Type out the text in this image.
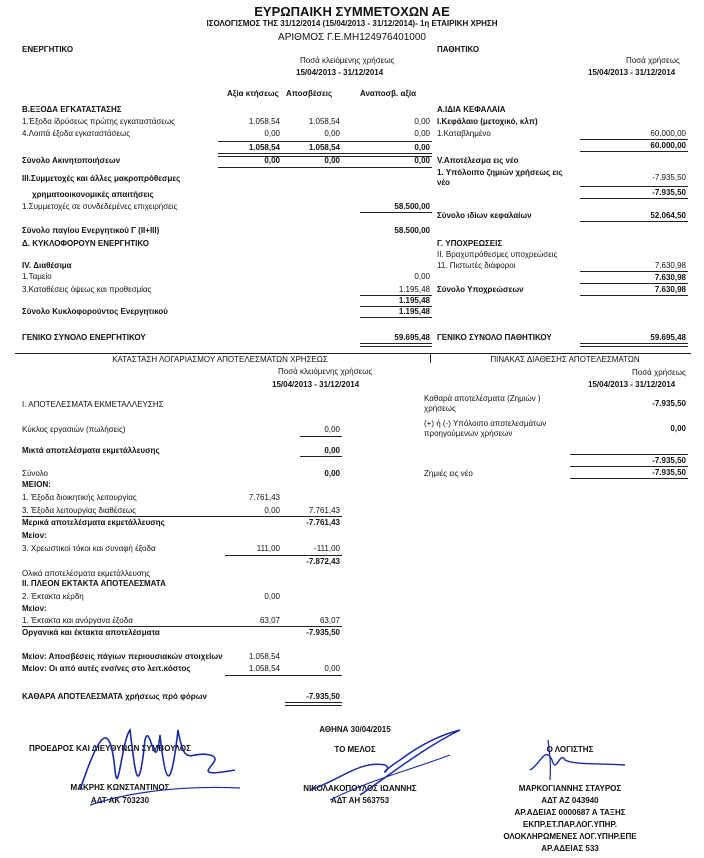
ΕΥΡΩΠΑΙΚΗ ΣΥΜΜΕΤΟΧΩΝ ΑΕ
ΙΣΟΛΟΓΙΣΜΟΣ ΤΗΣ 31/12/2014 (15/04/2013 - 31/12/2014)- 1η ΕΤΑΙΡΙΚΗ ΧΡΗΣΗ
ΑΡΙΘΜΟΣ Γ.Ε.ΜΗ124976401000
ΕΝΕΡΓΗΤΙΚΟ
Ποσά κλειόμενης χρήσεως
15/04/2013 - 31/12/2014
Αξία κτήσεως Αποσβέσεις	Αναποσβ. αξία
Β.ΕΞΟΔΑ ΕΓΚΑΤΑΣΤΑΣΗΣ
1.Έξοδα ίδρύσεως πρώτης εγκαταστάσεως	1.058,54	1.058,54	0,00
4.Λοιπά έξοδα εγκαταστάσεως	0,00	0,00	0,00
1.058,54	1.058,54	0,00
Σύνολο Ακινητοποιήσεων	0,00	0,00	0,00
ΙΙΙ.Συμμετοχές και άλλες μακροπρόθεσμες
χρηματοοικονομικές απαιτήσεις
1.Συμμετοχές σε συνδεδεμένες επιχειρήσεις	58.500,00
Σύνολο παγίου Ενεργητικού Γ (ΙΙ+ΙΙΙ)	58.500,00
Δ. ΚΥΚΛΟΦΟΡΟΥΝ ΕΝΕΡΓΗΤΙΚΟ
IV. Διαθέσιμα
1.Ταμείο	0,00
3.Καταθέσεις όψεως και προθεσμίας	1.195,48
1.195,48
Σύνολο Κυκλοφορούντος Ενεργητικού	1.195,48
ΓΕΝΙΚΟ ΣΥΝΟΛΟ ΕΝΕΡΓΗΤΙΚΟΥ	59.695,48
ΠΑΘΗΤΙΚΟ
Ποσά χρήσεως
15/04/2013 - 31/12/2014
Α.ΙΔΙΑ ΚΕΦΑΛΑΙΑ
Ι.Κεφάλαιο (μετοχικό, κλπ)
1.Καταβλημένο	60.000,00
60.000,00
V.Αποτέλεσμα εις νέο
1. Υπόλοιπο ζημιών χρήσεως εις
νέο
-7.935,50
-7.935,50
Σύνολο ιδίων κεφαλαίων	52.064,50
Γ. ΥΠΟΧΡΕΩΣΕΙΣ
ΙΙ. Βραχυπρόθεσμες υποχρεώσεις
11. Πιστωτές διάφοροι	7.630,98
7.630,98
Σύνολο Υποχρεώσεων	7.630,98
ΓΕΝΙΚΟ ΣΥΝΟΛΟ ΠΑΘΗΤΙΚΟΥ	59.695,48
ΚΑΤΑΣΤΑΣΗ ΛΟΓΑΡΙΑΣΜΟΥ ΑΠΟΤΕΛΕΣΜΑΤΩΝ ΧΡΗΣΕΩΣ
Ποσά κλειόμενης χρήσεως
15/04/2013 - 31/12/2014
Ι. ΑΠΟΤΕΛΕΣΜΑΤΑ ΕΚΜΕΤΑΛΛΕΥΣΗΣ
Κύκλος εργασιών (πωλήσεις)	0,00
Μικτά αποτελέσματα εκμετάλλευσης	0,00
Σύνολο	0,00
ΜΕΙΟΝ:
1. Έξοδα διοικητικής λειτουργίας	7.761,43
3. Έξοδα λειτουργίας διαθέσεως	0,00	7.761,43
Μερικά αποτελέσματα εκμετάλλευσης	-7.761,43
Μείον:
3. Χρεωστικοί τόκοι και συναφή έξοδα	111,00	-111,00
-7.872,43
Ολικά αποτελέσματα εκμετάλλευσης
II. ΠΛΕΟΝ ΕΚΤΑΚΤΑ ΑΠΟΤΕΛΕΣΜΑΤΑ
2. Έκτακτα κέρδη	0,00
Μείον:
1. Έκτακτα και ανόργανα έξοδα	63,07	63,07
Οργανικά και έκτακτα αποτελέσματα	-7.935,50
Μείον: Αποσβέσεις πάγιων περιουσιακών στοιχείων	1.058,54
Μείον: Οι από αυτές ενσ/νες στο λειτ.κόστος	1.058,54	0,00
ΚΑΘΑΡΑ ΑΠΟΤΕΛΕΣΜΑΤΑ χρήσεως πρό φόρων	-7.935,50
ΠΙΝΑΚΑΣ ΔΙΑΘΕΣΗΣ ΑΠΟΤΕΛΕΣΜΑΤΩΝ
Ποσά χρήσεως
15/04/2013 - 31/12/2014
Καθαρά αποτελέσματα (Ζημιών )
χρήσεως
-7.935,50
(+) ή (-) Υπόλοιπο αποτελεσμάτων
προηγούμενων χρήσεων
0,00
-7.935,50
Ζημιές εις νέο	-7.935,50
ΑΘΗΝΑ 30/04/2015
ΠΡΟΕΔΡΟΣ ΚΑΙ ΔΙΕΥΘΥΝΩΝ ΣΥΜΒΟΥΛΟΣ
ΜΑΚΡΗΣ ΚΩΝΣΤΑΝΤΙΝΟΣ
ΑΔΤ ΑΚ 703230
ΤΟ ΜΕΛΟΣ
ΝΙΚΟΛΑΚΟΠΟΥΛΟΣ ΙΩΑΝΝΗΣ
ΑΔΤ ΑΗ 563753
Ο ΛΟΓΙΣΤΗΣ
ΜΑΡΚΟΓΙΑΝΝΗΣ ΣΤΑΥΡΟΣ
ΑΔΤ ΑΖ 043940
ΑΡ.ΑΔΕΙΑΣ 0000687 Α ΤΑΞΗΣ
ΕΚΠΡ.ΕΤ.ΠΑΡ.ΛΟΓ.ΥΠΗΡ.
ΟΛΟΚΛΗΡΩΜΕΝΕΣ ΛΟΓ.ΥΠΗΡ.ΕΠΕ
ΑΡ.ΑΔΕΙΑΣ 533
